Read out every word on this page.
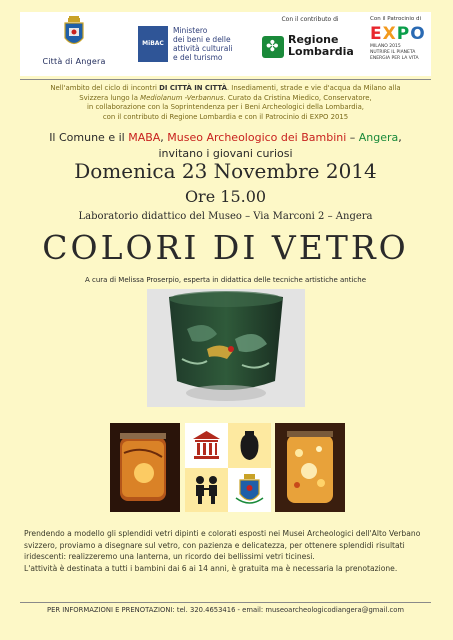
Città di Angera
MiBAC
Ministero
dei beni e delle
attività culturali
e del turismo
Con il contributo di
✤
Regione
Lombardia
Con il Patrocinio di
EXPO
MILANO 2015
NUTRIRE IL PIANETA
ENERGIA PER LA VITA
Nell'ambito del ciclo di incontri DI CITTÀ IN CITTÀ. Insediamenti, strade e vie d'acqua da Milano alla
Svizzera lungo la Mediolanum -Verbannus. Curato da Cristina Miedico, Conservatore,
in collaborazione con la Soprintendenza per i Beni Archeologici della Lombardia,
con il contributo di Regione Lombardia e con il Patrocinio di EXPO 2015
Il Comune e il MABA, Museo Archeologico dei Bambini – Angera,
invitano i giovani curiosi
Domenica 23 Novembre 2014
Ore 15.00
Laboratorio didattico del Museo – Via Marconi 2 – Angera
COLORI DI VETRO
A cura di Melissa Proserpio, esperta in didattica delle tecniche artistiche antiche
Prendendo a modello gli splendidi vetri dipinti e colorati esposti nei Musei Archeologici dell'Alto Verbano svizzero, proviamo a disegnare sul vetro, con pazienza e delicatezza, per ottenere splendidi risultati iridescenti: realizzeremo una lanterna, un ricordo dei bellissimi vetri ticinesi.
L'attività è destinata a tutti i bambini dai 6 ai 14 anni, è gratuita ma è necessaria la prenotazione.
PER INFORMAZIONI E PRENOTAZIONI: tel. 320.4653416 - email: museoarcheologicodiangera@gmail.com
